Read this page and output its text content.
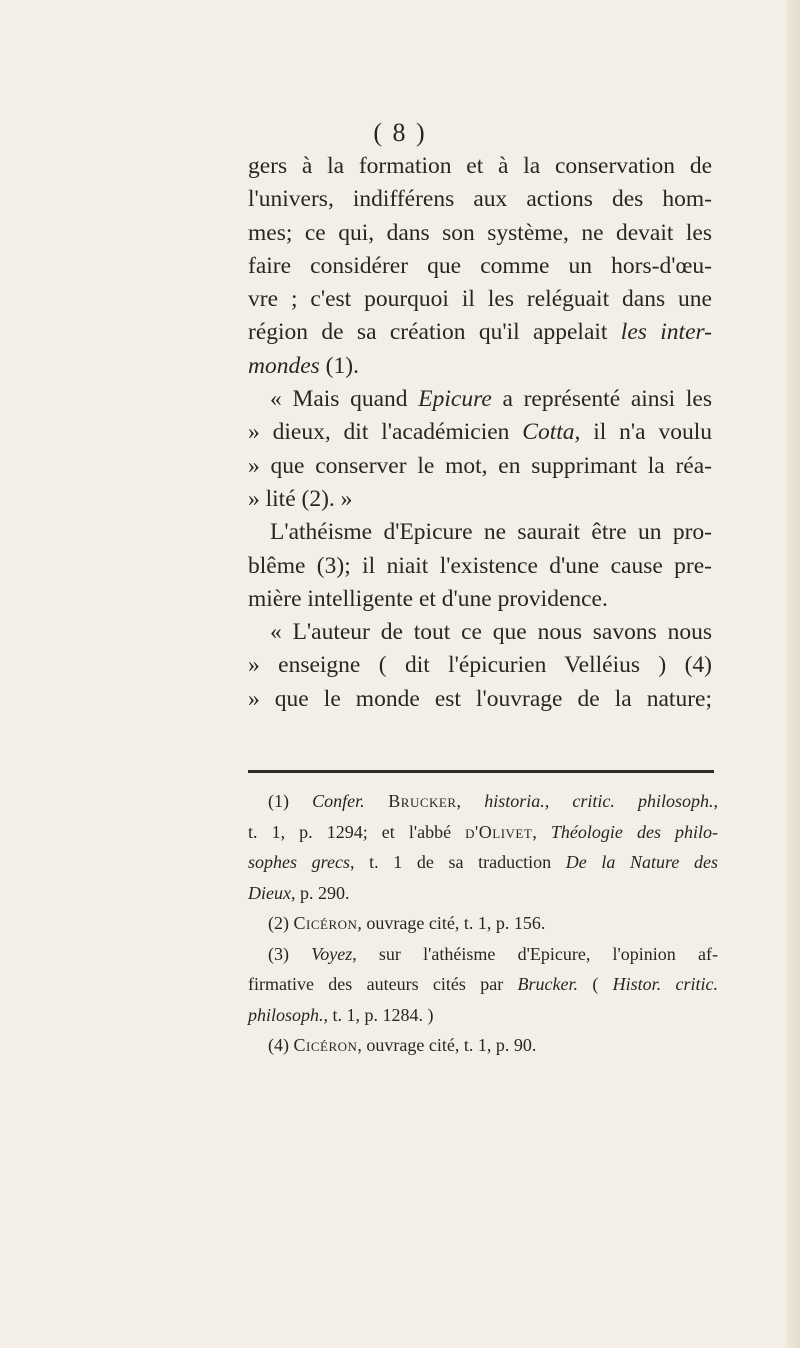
( 8 )
gers à la formation et à la conservation de
l'univers, indifférens aux actions des hom-
mes; ce qui, dans son système, ne devait les
faire considérer que comme un hors-d'œu-
vre ; c'est pourquoi il les reléguait dans une
région de sa création qu'il appelait les inter-
mondes (1).
« Mais quand Epicure a représenté ainsi les
» dieux, dit l'académicien Cotta, il n'a voulu
» que conserver le mot, en supprimant la réa-
» lité (2). »
L'athéisme d'Epicure ne saurait être un pro-
blême (3); il niait l'existence d'une cause pre-
mière intelligente et d'une providence.
« L'auteur de tout ce que nous savons nous
» enseigne ( dit l'épicurien Velléius ) (4)
» que le monde est l'ouvrage de la nature;
(1) Confer. Brucker, historia., critic. philosoph.,
t. 1, p. 1294; et l'abbé d'Olivet, Théologie des philo-
sophes grecs, t. 1 de sa traduction De la Nature des
Dieux, p. 290.
(2) Cicéron, ouvrage cité, t. 1, p. 156.
(3) Voyez, sur l'athéisme d'Epicure, l'opinion af-
firmative des auteurs cités par Brucker. ( Histor. critic.
philosoph., t. 1, p. 1284. )
(4) Cicéron, ouvrage cité, t. 1, p. 90.
